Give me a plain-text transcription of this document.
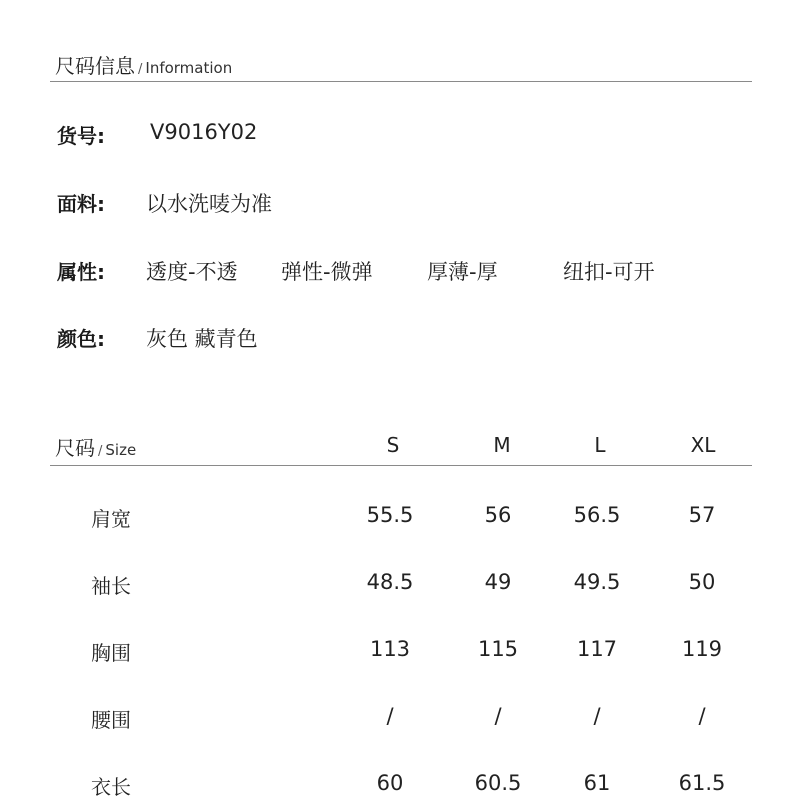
尺码信息 / Information
货号: V9016Y02
面料: 以水洗唛为准
属性: 透度-不透 弹性-微弹	厚薄-厚	纽扣-可开
颜色: 灰色 藏青色
尺码 / Size	S	M	L	XL
肩宽	55.5	56	56.5	57
袖长	48.5	49	49.5	50
胸围	113	115	117	119
腰围	/	/	/	/
衣长	60	60.5	61	61.5
